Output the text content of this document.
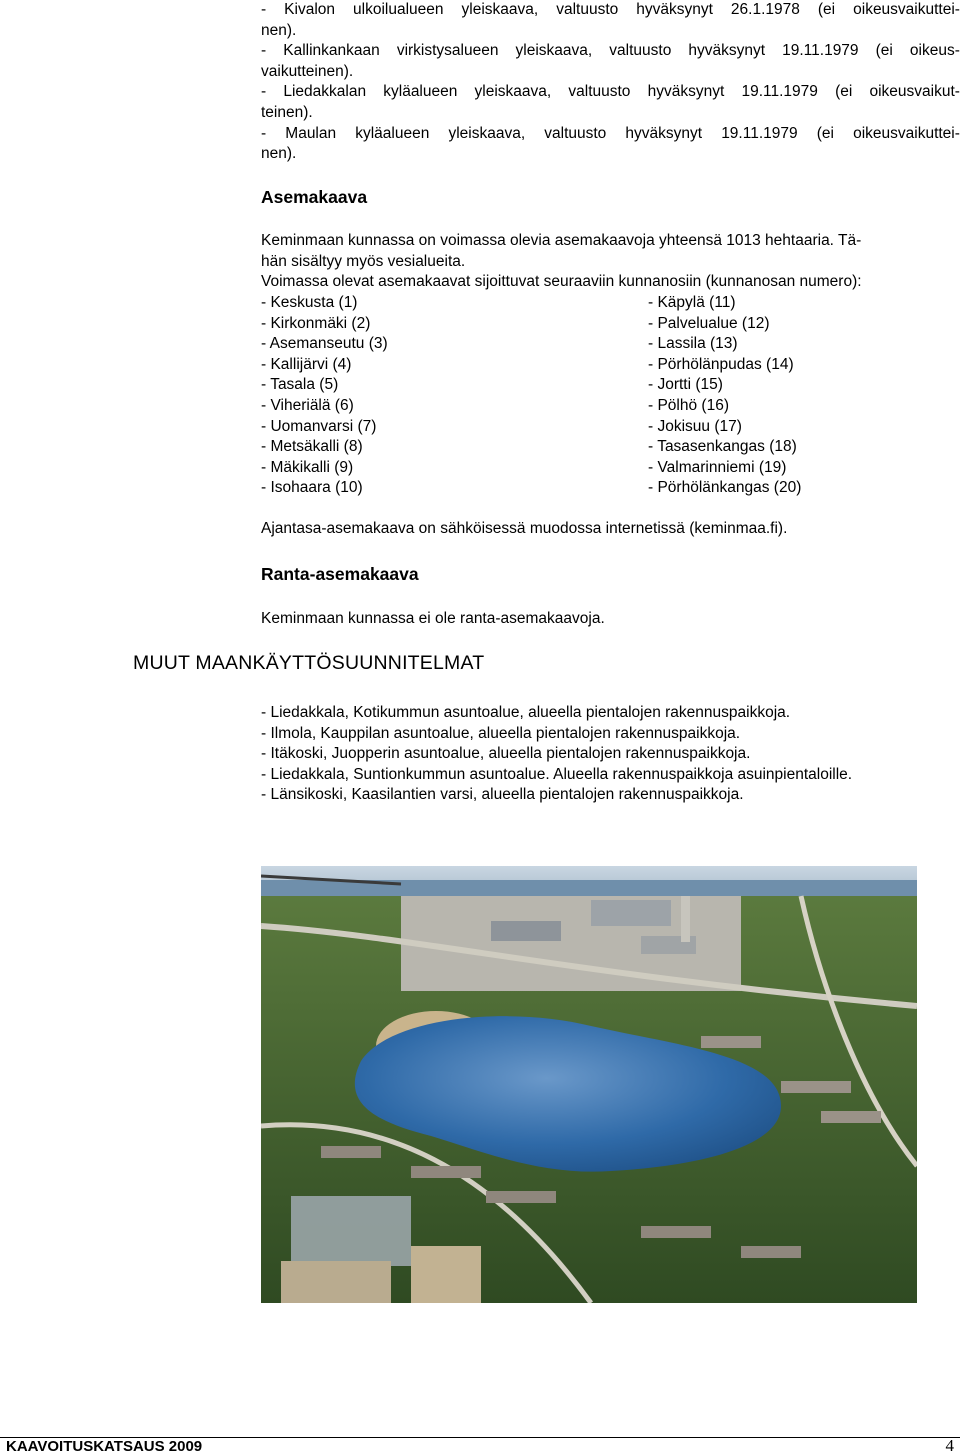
- Kivalon ulkoilualueen yleiskaava, valtuusto hyväksynyt 26.1.1978 (ei oikeusvaikuttei-
nen).
- Kallinkankaan virkistysalueen yleiskaava, valtuusto hyväksynyt 19.11.1979 (ei oikeus-
vaikutteinen).
- Liedakkalan kyläalueen yleiskaava, valtuusto hyväksynyt 19.11.1979 (ei oikeusvaikut-
teinen).
- Maulan kyläalueen yleiskaava, valtuusto hyväksynyt 19.11.1979 (ei oikeusvaikuttei-
nen).
Asemakaava
Keminmaan kunnassa on voimassa olevia asemakaavoja yhteensä 1013 hehtaaria. Tä-
hän sisältyy myös vesialueita.
Voimassa olevat asemakaavat sijoittuvat seuraaviin kunnanosiin (kunnanosan numero):
- Keskusta (1)
- Kirkonmäki (2)
- Asemanseutu (3)
- Kallijärvi (4)
- Tasala (5)
- Viheriälä (6)
- Uomanvarsi (7)
- Metsäkalli (8)
- Mäkikalli (9)
- Isohaara (10)
- Käpylä (11)
- Palvelualue (12)
- Lassila (13)
- Pörhölänpudas (14)
- Jortti (15)
- Pölhö (16)
- Jokisuu (17)
- Tasasenkangas (18)
- Valmarinniemi (19)
- Pörhölänkangas (20)
Ajantasa-asemakaava on sähköisessä muodossa internetissä (keminmaa.fi).
Ranta-asemakaava
Keminmaan kunnassa ei ole ranta-asemakaavoja.
MUUT MAANKÄYTTÖSUUNNITELMAT
- Liedakkala, Kotikummun asuntoalue, alueella pientalojen rakennuspaikkoja.
- Ilmola, Kauppilan asuntoalue, alueella pientalojen rakennuspaikkoja.
- Itäkoski, Juopperin asuntoalue, alueella pientalojen rakennuspaikkoja.
- Liedakkala, Suntionkummun asuntoalue. Alueella rakennuspaikkoja asuinpientaloille.
- Länsikoski, Kaasilantien varsi, alueella pientalojen rakennuspaikkoja.
KAAVOITUSKATSAUS 2009	4
